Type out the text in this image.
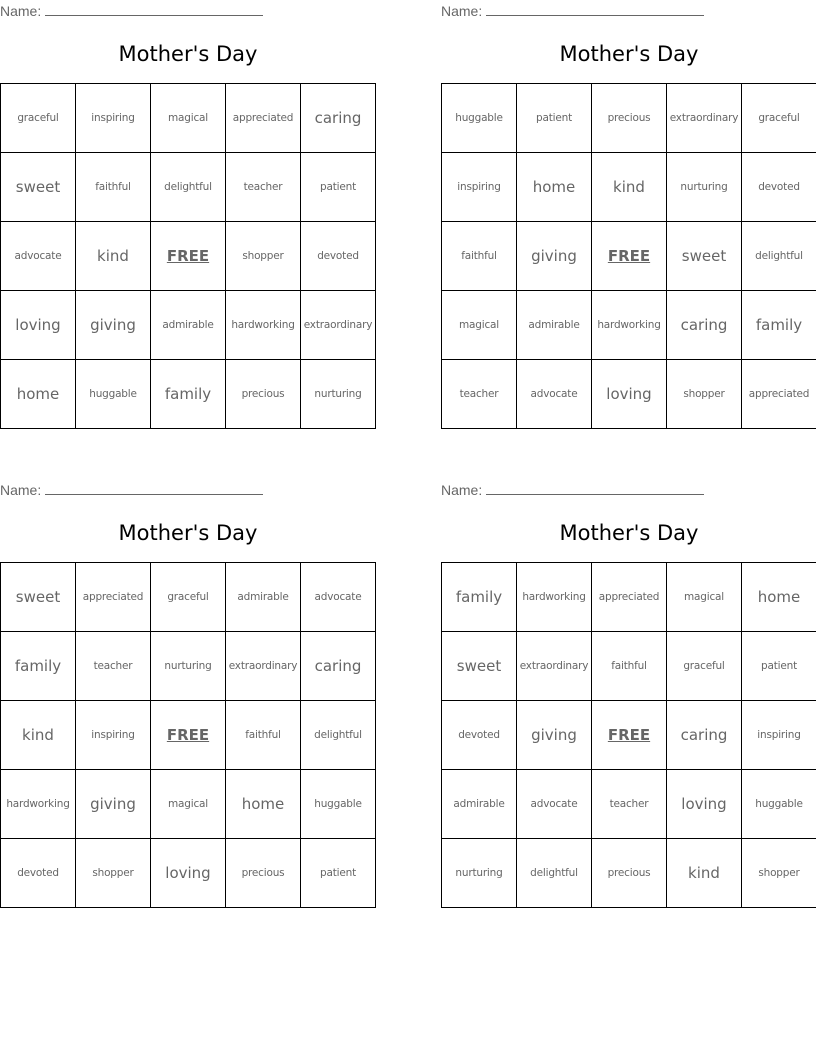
Name:
Mother's Day
graceful	inspiring	magical	appreciated	caring
sweet	faithful	delightful	teacher	patient
advocate	kind	FREE	shopper	devoted
loving	giving	admirable	hardworking	extraordinary
home	huggable	family	precious	nurturing
Name:
Mother's Day
huggable	patient	precious	extraordinary	graceful
inspiring	home	kind	nurturing	devoted
faithful	giving	FREE	sweet	delightful
magical	admirable	hardworking	caring	family
teacher	advocate	loving	shopper	appreciated
Name:
Mother's Day
sweet	appreciated	graceful	admirable	advocate
family	teacher	nurturing	extraordinary	caring
kind	inspiring	FREE	faithful	delightful
hardworking	giving	magical	home	huggable
devoted	shopper	loving	precious	patient
Name:
Mother's Day
family	hardworking	appreciated	magical	home
sweet	extraordinary	faithful	graceful	patient
devoted	giving	FREE	caring	inspiring
admirable	advocate	teacher	loving	huggable
nurturing	delightful	precious	kind	shopper
